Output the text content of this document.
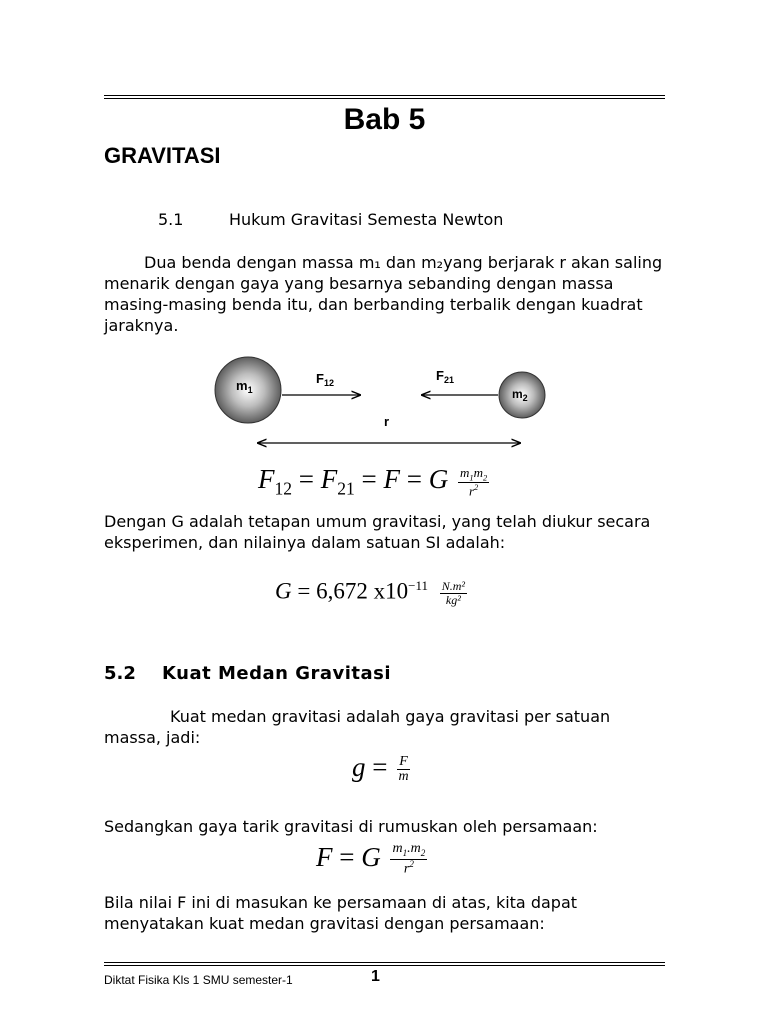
Bab 5
GRAVITASI
5.1	Hukum Gravitasi Semesta Newton
Dua benda dengan massa m₁ dan m₂yang berjarak r akan saling menarik dengan gaya yang besarnya sebanding dengan massa masing-masing benda itu, dan berbanding terbalik dengan kuadrat jaraknya.
$m_1$	$m_2$
$F_{12}$	$F_{21}$
r
$F_{12} = F_{21} = F = G \frac{m_1m_2}{r^2}$
Dengan G adalah tetapan umum gravitasi, yang telah diukur secara eksperimen, dan nilainya dalam satuan SI adalah:
G = 6,672 $x10^{-11} \frac{\text{N.m²}}{\text{kg²}}$
5.2 Kuat Medan Gravitasi
Kuat medan gravitasi adalah gaya gravitasi per satuan massa, jadi:
$g = \frac{F}{m}$
Sedangkan gaya tarik gravitasi di rumuskan oleh persamaan:
F = G $\frac{m_1.m_2}{r^2}$
Bila nilai F ini di masukan ke persamaan di atas, kita dapat menyatakan kuat medan gravitasi dengan persamaan:
Diktat Fisika Kls 1 SMU semester-1	1
